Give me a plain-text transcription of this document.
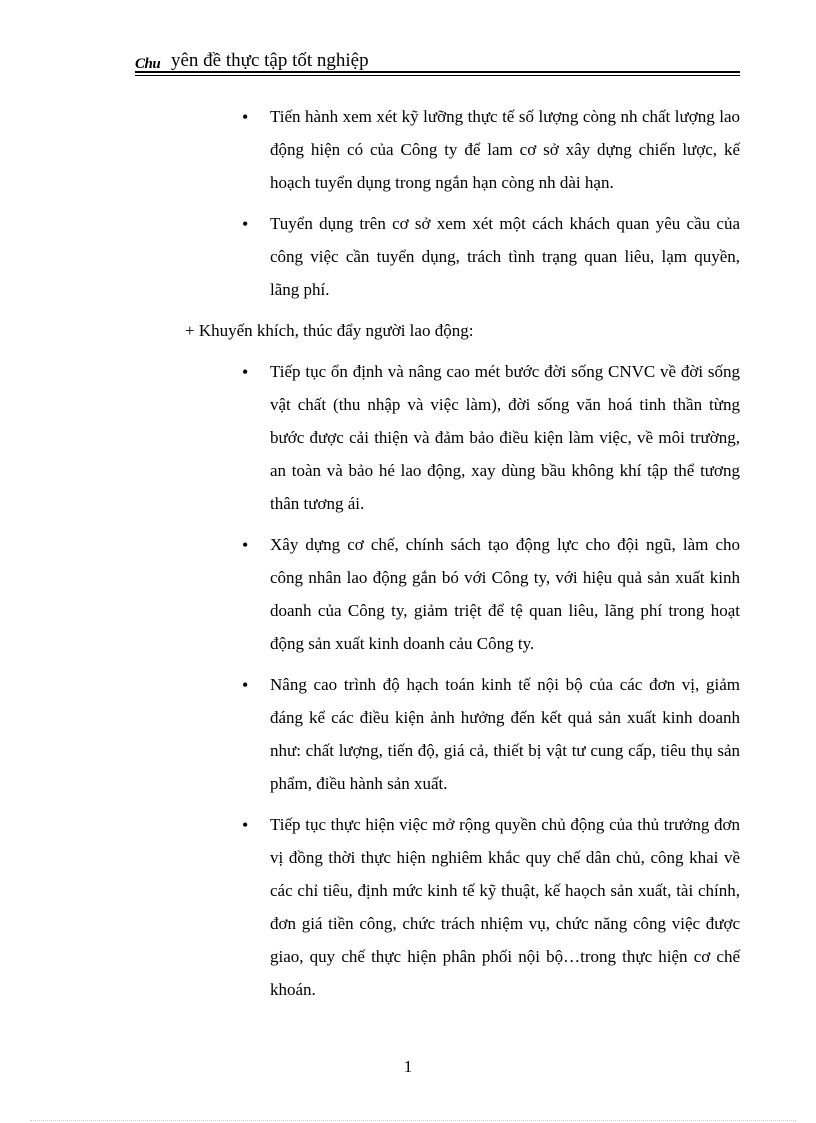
Chu yên đề thực tập tốt nghiệp
• Tiến hành xem xét kỹ lưỡng thực tế số lượng còng nh chất lượng lao động hiện có của Công ty để lam cơ sở xây dựng chiến lược, kế hoạch tuyển dụng trong ngắn hạn còng nh dài hạn.

• Tuyển dụng trên cơ sở xem xét một cách khách quan yêu cầu của công việc cần tuyển dụng, trách tình trạng quan liêu, lạm quyền, lãng phí.

+ Khuyến khích, thúc đẩy người lao động:

• Tiếp tục ổn định và nâng cao mét bước đời sống CNVC về đời sống vật chất (thu nhập và việc làm), đời sống văn hoá tinh thần từng bước được cải thiện và đảm bảo điều kiện làm việc, về môi trường, an toàn và bảo hé lao động, xay dùng bầu không khí tập thể tương thân tương ái.

• Xây dựng cơ chế, chính sách tạo động lực cho đội ngũ, làm cho công nhân lao động gắn bó với Công ty, với hiệu quả sản xuất kinh doanh của Công ty, giảm triệt để tệ quan liêu, lãng phí trong hoạt động sản xuất kinh doanh cảu Công ty.

• Nâng cao trình độ hạch toán kinh tế nội bộ của các đơn vị, giảm đáng kể các điều kiện ảnh hưởng đến kết quả sản xuất kinh doanh như: chất lượng, tiến độ, giá cả, thiết bị vật tư cung cấp, tiêu thụ sản phẩm, điều hành sản xuất.

• Tiếp tục thực hiện việc mở rộng quyền chủ động của thủ trưởng đơn vị đồng thời thực hiện nghiêm khắc quy chế dân chủ, công khai về các chỉ tiêu, định mức kinh tế kỹ thuật, kế haọch sản xuất, tài chính, đơn giá tiền công, chức trách nhiệm vụ, chức năng công việc được giao, quy chế thực hiện phân phối nội bộ…trong thực hiện cơ chế khoán.

1
